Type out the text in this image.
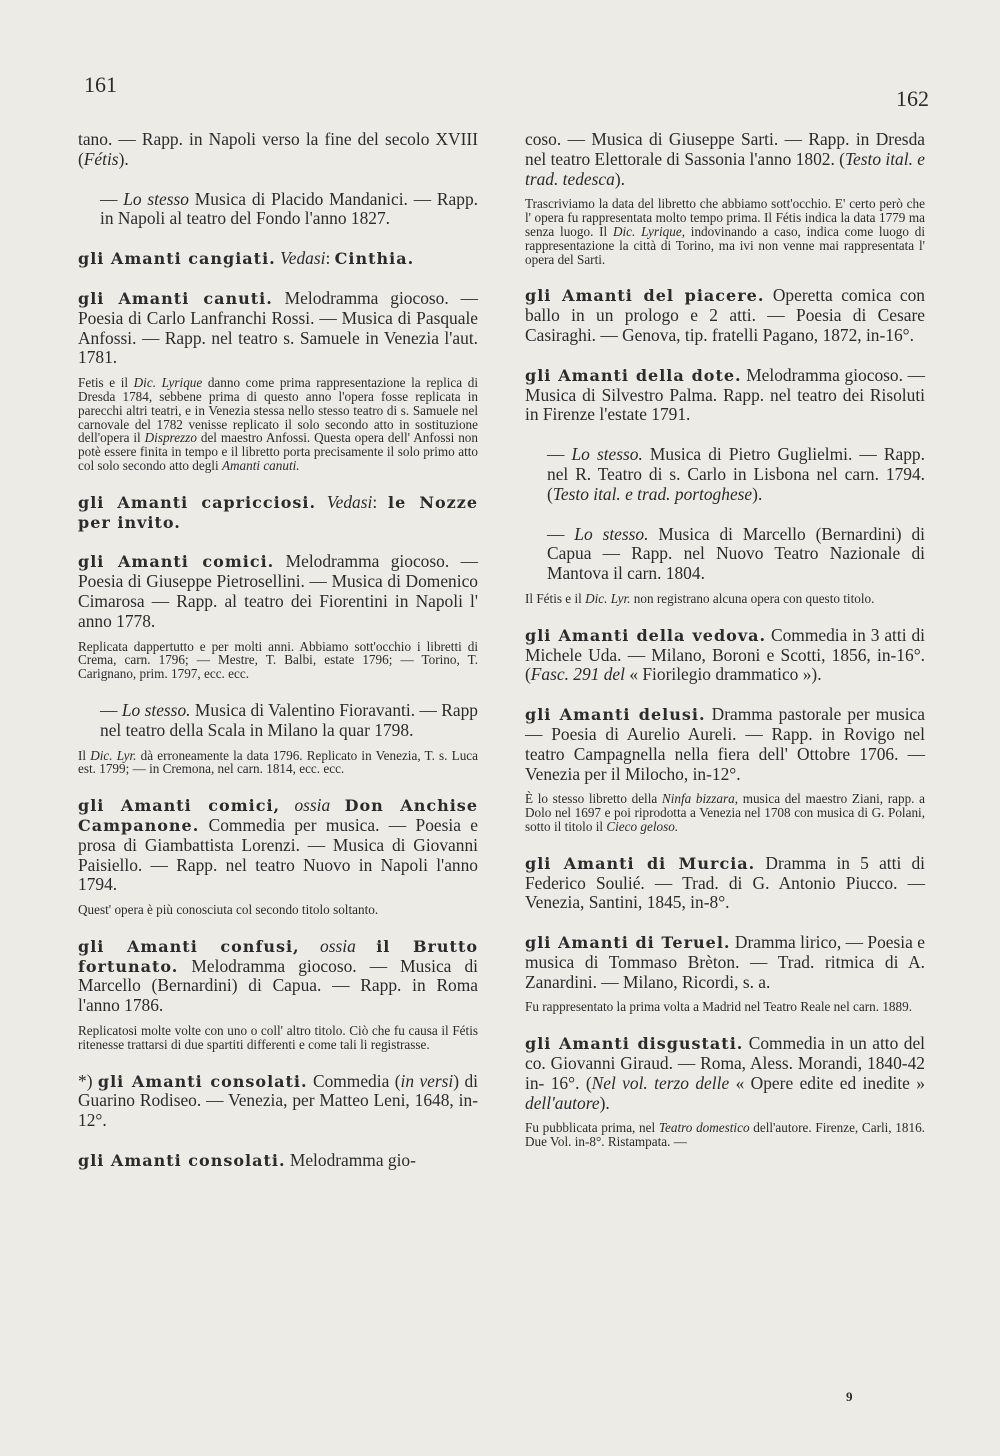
161
162

tano. — Rapp. in Napoli verso la fine del secolo XVIII (Fétis).

— Lo stesso Musica di Placido Mandanici. — Rapp. in Napoli al teatro del Fondo l'anno 1827.

gli Amanti cangiati. Vedasi: Cinthia.

gli Amanti canuti. Melodramma giocoso. — Poesia di Carlo Lanfranchi Rossi. — Musica di Pasquale Anfossi. — Rapp. nel teatro s. Samuele in Venezia l'aut. 1781.

Fetis e il Dic. Lyrique danno come prima rappresentazione la replica di Dresda 1784, sebbene prima di questo anno l'opera fosse replicata in parecchi altri teatri, e in Venezia stessa nello stesso teatro di s. Samuele nel carnovale del 1782 venisse replicato il solo secondo atto in sostituzione dell'opera il Disprezzo del maestro Anfossi. Questa opera dell' Anfossi non potè essere finita in tempo e il libretto porta precisamente il solo primo atto col solo secondo atto degli Amanti canuti.

gli Amanti capricciosi. Vedasi: le Nozze per invito.

gli Amanti comici. Melodramma giocoso. — Poesia di Giuseppe Pietrosellini. — Musica di Domenico Cimarosa — Rapp. al teatro dei Fiorentini in Napoli l' anno 1778.

Replicata dappertutto e per molti anni. Abbiamo sott'occhio i libretti di Crema, carn. 1796; — Mestre, T. Balbi, estate 1796; — Torino, T. Carignano, prim. 1797, ecc. ecc.

— Lo stesso. Musica di Valentino Fioravanti. — Rapp nel teatro della Scala in Milano la quar 1798.

Il Dic. Lyr. dà erroneamente la data 1796. Replicato in Venezia, T. s. Luca est. 1799; — in Cremona, nel carn. 1814, ecc. ecc.

gli Amanti comici, ossia Don Anchise Campanone. Commedia per musica. — Poesia e prosa di Giambattista Lorenzi. — Musica di Giovanni Paisiello. — Rapp. nel teatro Nuovo in Napoli l'anno 1794.

Quest' opera è più conosciuta col secondo titolo soltanto.

gli Amanti confusi, ossia il Brutto fortunato. Melodramma giocoso. — Musica di Marcello (Bernardini) di Capua. — Rapp. in Roma l'anno 1786.

Replicatosi molte volte con uno o coll' altro titolo. Ciò che fu causa il Fétis ritenesse trattarsi di due spartiti differenti e come tali li registrasse.

*) gli Amanti consolati. Commedia (in versi) di Guarino Rodiseo. — Venezia, per Matteo Leni, 1648, in-12°.

gli Amanti consolati. Melodramma gio-

coso. — Musica di Giuseppe Sarti. — Rapp. in Dresda nel teatro Elettorale di Sassonia l'anno 1802. (Testo ital. e trad. tedesca).

Trascriviamo la data del libretto che abbiamo sott'occhio. E' certo però che l' opera fu rappresentata molto tempo prima. Il Fétis indica la data 1779 ma senza luogo. Il Dic. Lyrique, indovinando a caso, indica come luogo di rappresentazione la città di Torino, ma ivi non venne mai rappresentata l' opera del Sarti.

gli Amanti del piacere. Operetta comica con ballo in un prologo e 2 atti. — Poesia di Cesare Casiraghi. — Genova, tip. fratelli Pagano, 1872, in-16°.

gli Amanti della dote. Melodramma giocoso. — Musica di Silvestro Palma. Rapp. nel teatro dei Risoluti in Firenze l'estate 1791.

— Lo stesso. Musica di Pietro Guglielmi. — Rapp. nel R. Teatro di s. Carlo in Lisbona nel carn. 1794. (Testo ital. e trad. portoghese).

— Lo stesso. Musica di Marcello (Bernardini) di Capua — Rapp. nel Nuovo Teatro Nazionale di Mantova il carn. 1804.

Il Fétis e il Dic. Lyr. non registrano alcuna opera con questo titolo.

gli Amanti della vedova. Commedia in 3 atti di Michele Uda. — Milano, Boroni e Scotti, 1856, in-16°. (Fasc. 291 del « Fiorilegio drammatico »).

gli Amanti delusi. Dramma pastorale per musica — Poesia di Aurelio Aureli. — Rapp. in Rovigo nel teatro Campagnella nella fiera dell' Ottobre 1706. — Venezia per il Milocho, in-12°.

È lo stesso libretto della Ninfa bizzara, musica del maestro Ziani, rapp. a Dolo nel 1697 e poi riprodotta a Venezia nel 1708 con musica di G. Polani, sotto il titolo il Cieco geloso.

gli Amanti di Murcia. Dramma in 5 atti di Federico Soulié. — Trad. di G. Antonio Piucco. — Venezia, Santini, 1845, in-8°.

gli Amanti di Teruel. Dramma lirico, — Poesia e musica di Tommaso Brèton. — Trad. ritmica di A. Zanardini. — Milano, Ricordi, s. a.

Fu rappresentato la prima volta a Madrid nel Teatro Reale nel carn. 1889.

gli Amanti disgustati. Commedia in un atto del co. Giovanni Giraud. — Roma, Aless. Morandi, 1840-42 in- 16°. (Nel vol. terzo delle « Opere edite ed inedite » dell'autore).

Fu pubblicata prima, nel Teatro domestico dell'autore. Firenze, Carli, 1816. Due Vol. in-8°. Ristampata. —

9
